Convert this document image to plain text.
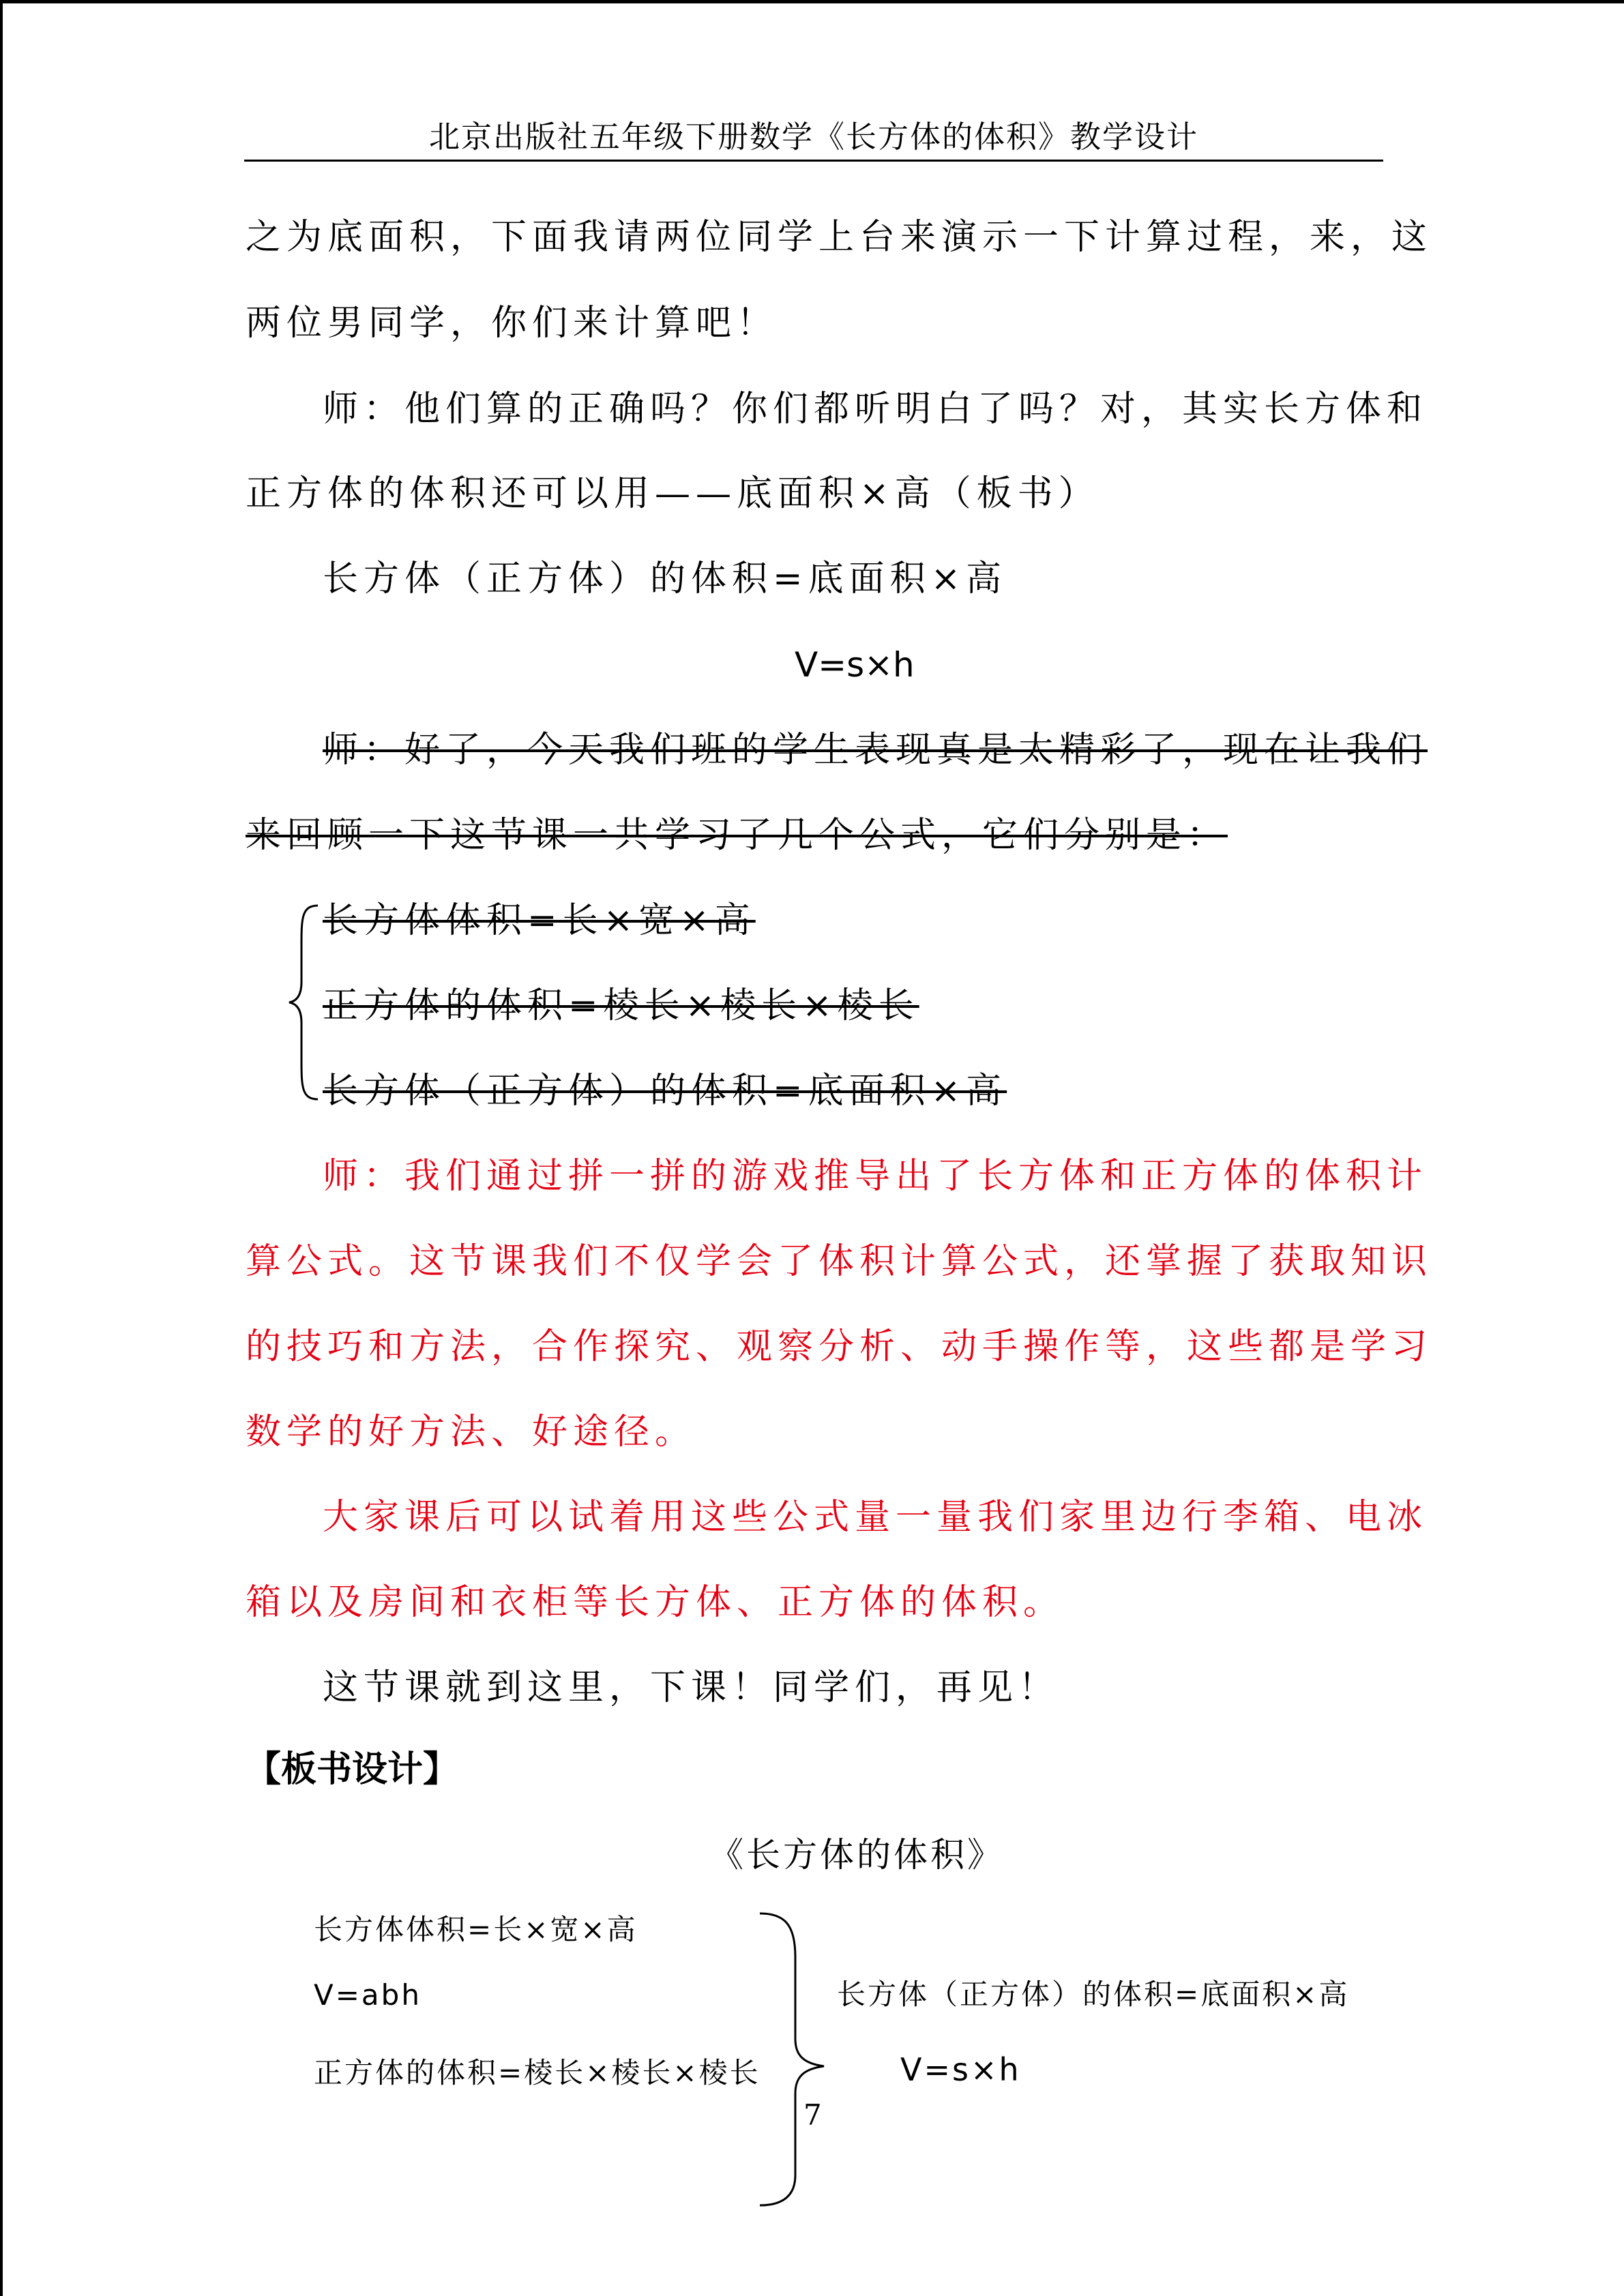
北京出版社五年级下册数学《长方体的体积》教学设计
之为底面积，下面我请两位同学上台来演示一下计算过程，来，这
两位男同学，你们来计算吧！
师：他们算的正确吗？你们都听明白了吗？对，其实长方体和
正方体的体积还可以用——底面积×高（板书）
长方体（正方体）的体积=底面积×高
V=s×h
师：好了，今天我们班的学生表现真是太精彩了，现在让我们
来回顾一下这节课一共学习了几个公式，它们分别是：
长方体体积=长×宽×高
正方体的体积=棱长×棱长×棱长
长方体（正方体）的体积=底面积×高
师：我们通过拼一拼的游戏推导出了长方体和正方体的体积计
算公式。这节课我们不仅学会了体积计算公式，还掌握了获取知识
的技巧和方法，合作探究、观察分析、动手操作等，这些都是学习
数学的好方法、好途径。
大家课后可以试着用这些公式量一量我们家里边行李箱、电冰
箱以及房间和衣柜等长方体、正方体的体积。
这节课就到这里，下课！同学们，再见！
【板书设计】
《长方体的体积》
长方体体积=长×宽×高
V=abh
正方体的体积=棱长×棱长×棱长
长方体（正方体）的体积=底面积×高
V=s×h
7
